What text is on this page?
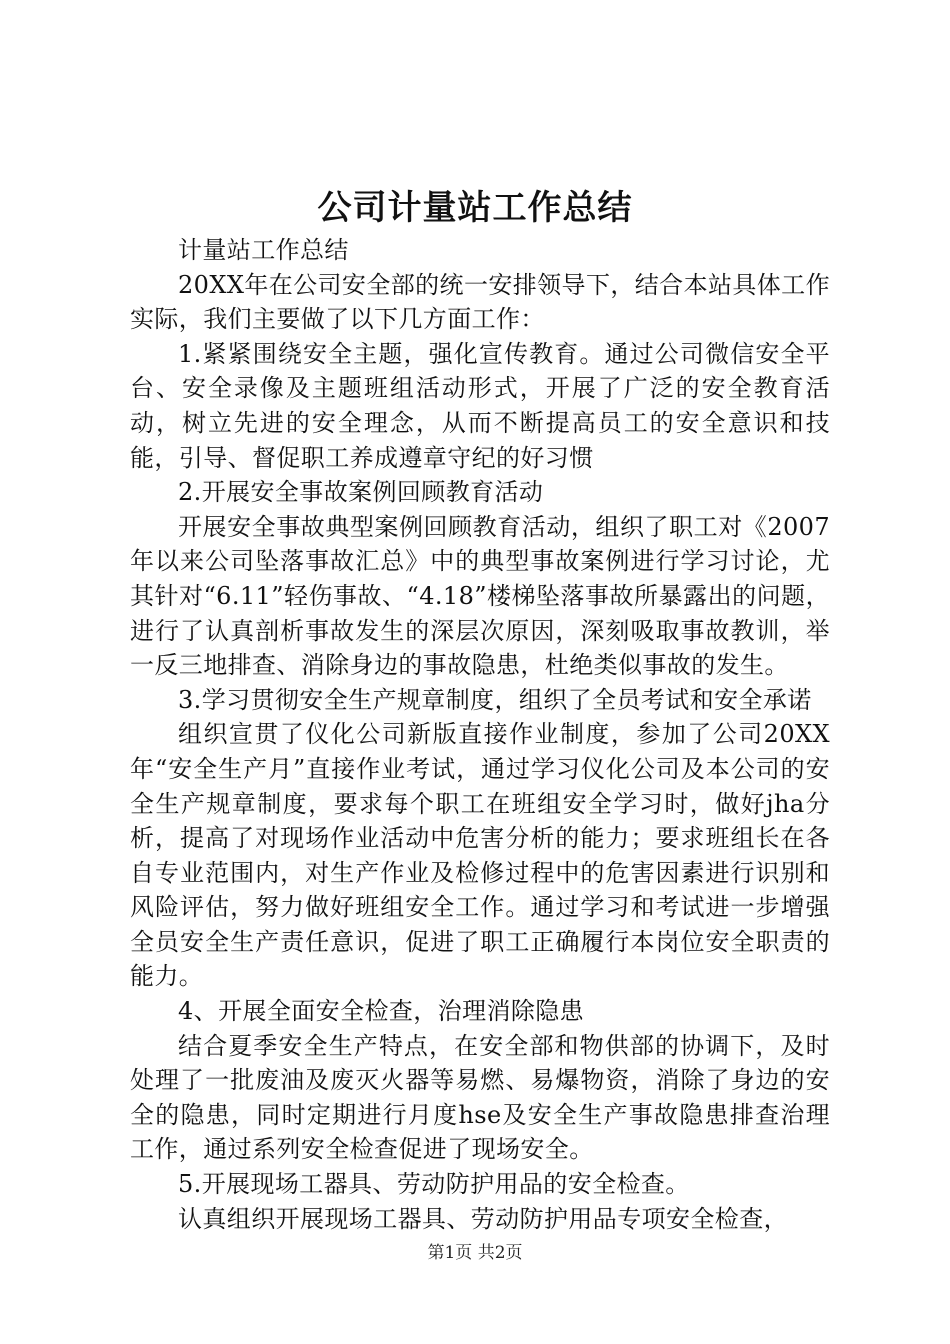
公司计量站工作总结

计量站工作总结

20XX年在公司安全部的统一安排领导下，结合本站具体工作实际，我们主要做了以下几方面工作：

1.紧紧围绕安全主题，强化宣传教育。通过公司微信安全平台、安全录像及主题班组活动形式，开展了广泛的安全教育活动，树立先进的安全理念，从而不断提高员工的安全意识和技能，引导、督促职工养成遵章守纪的好习惯

2.开展安全事故案例回顾教育活动

开展安全事故典型案例回顾教育活动，组织了职工对《2007年以来公司坠落事故汇总》中的典型事故案例进行学习讨论，尤其针对“6.11”轻伤事故、“4.18”楼梯坠落事故所暴露出的问题，进行了认真剖析事故发生的深层次原因，深刻吸取事故教训，举一反三地排查、消除身边的事故隐患，杜绝类似事故的发生。

3.学习贯彻安全生产规章制度，组织了全员考试和安全承诺

组织宣贯了仪化公司新版直接作业制度，参加了公司20XX年“安全生产月”直接作业考试，通过学习仪化公司及本公司的安全生产规章制度，要求每个职工在班组安全学习时，做好jha分析，提高了对现场作业活动中危害分析的能力；要求班组长在各自专业范围内，对生产作业及检修过程中的危害因素进行识别和风险评估，努力做好班组安全工作。通过学习和考试进一步增强全员安全生产责任意识，促进了职工正确履行本岗位安全职责的能力。

4、开展全面安全检查，治理消除隐患

结合夏季安全生产特点，在安全部和物供部的协调下，及时处理了一批废油及废灭火器等易燃、易爆物资，消除了身边的安全的隐患，同时定期进行月度hse及安全生产事故隐患排查治理工作，通过系列安全检查促进了现场安全。

5.开展现场工器具、劳动防护用品的安全检查。

认真组织开展现场工器具、劳动防护用品专项安全检查，

第1页 共2页
